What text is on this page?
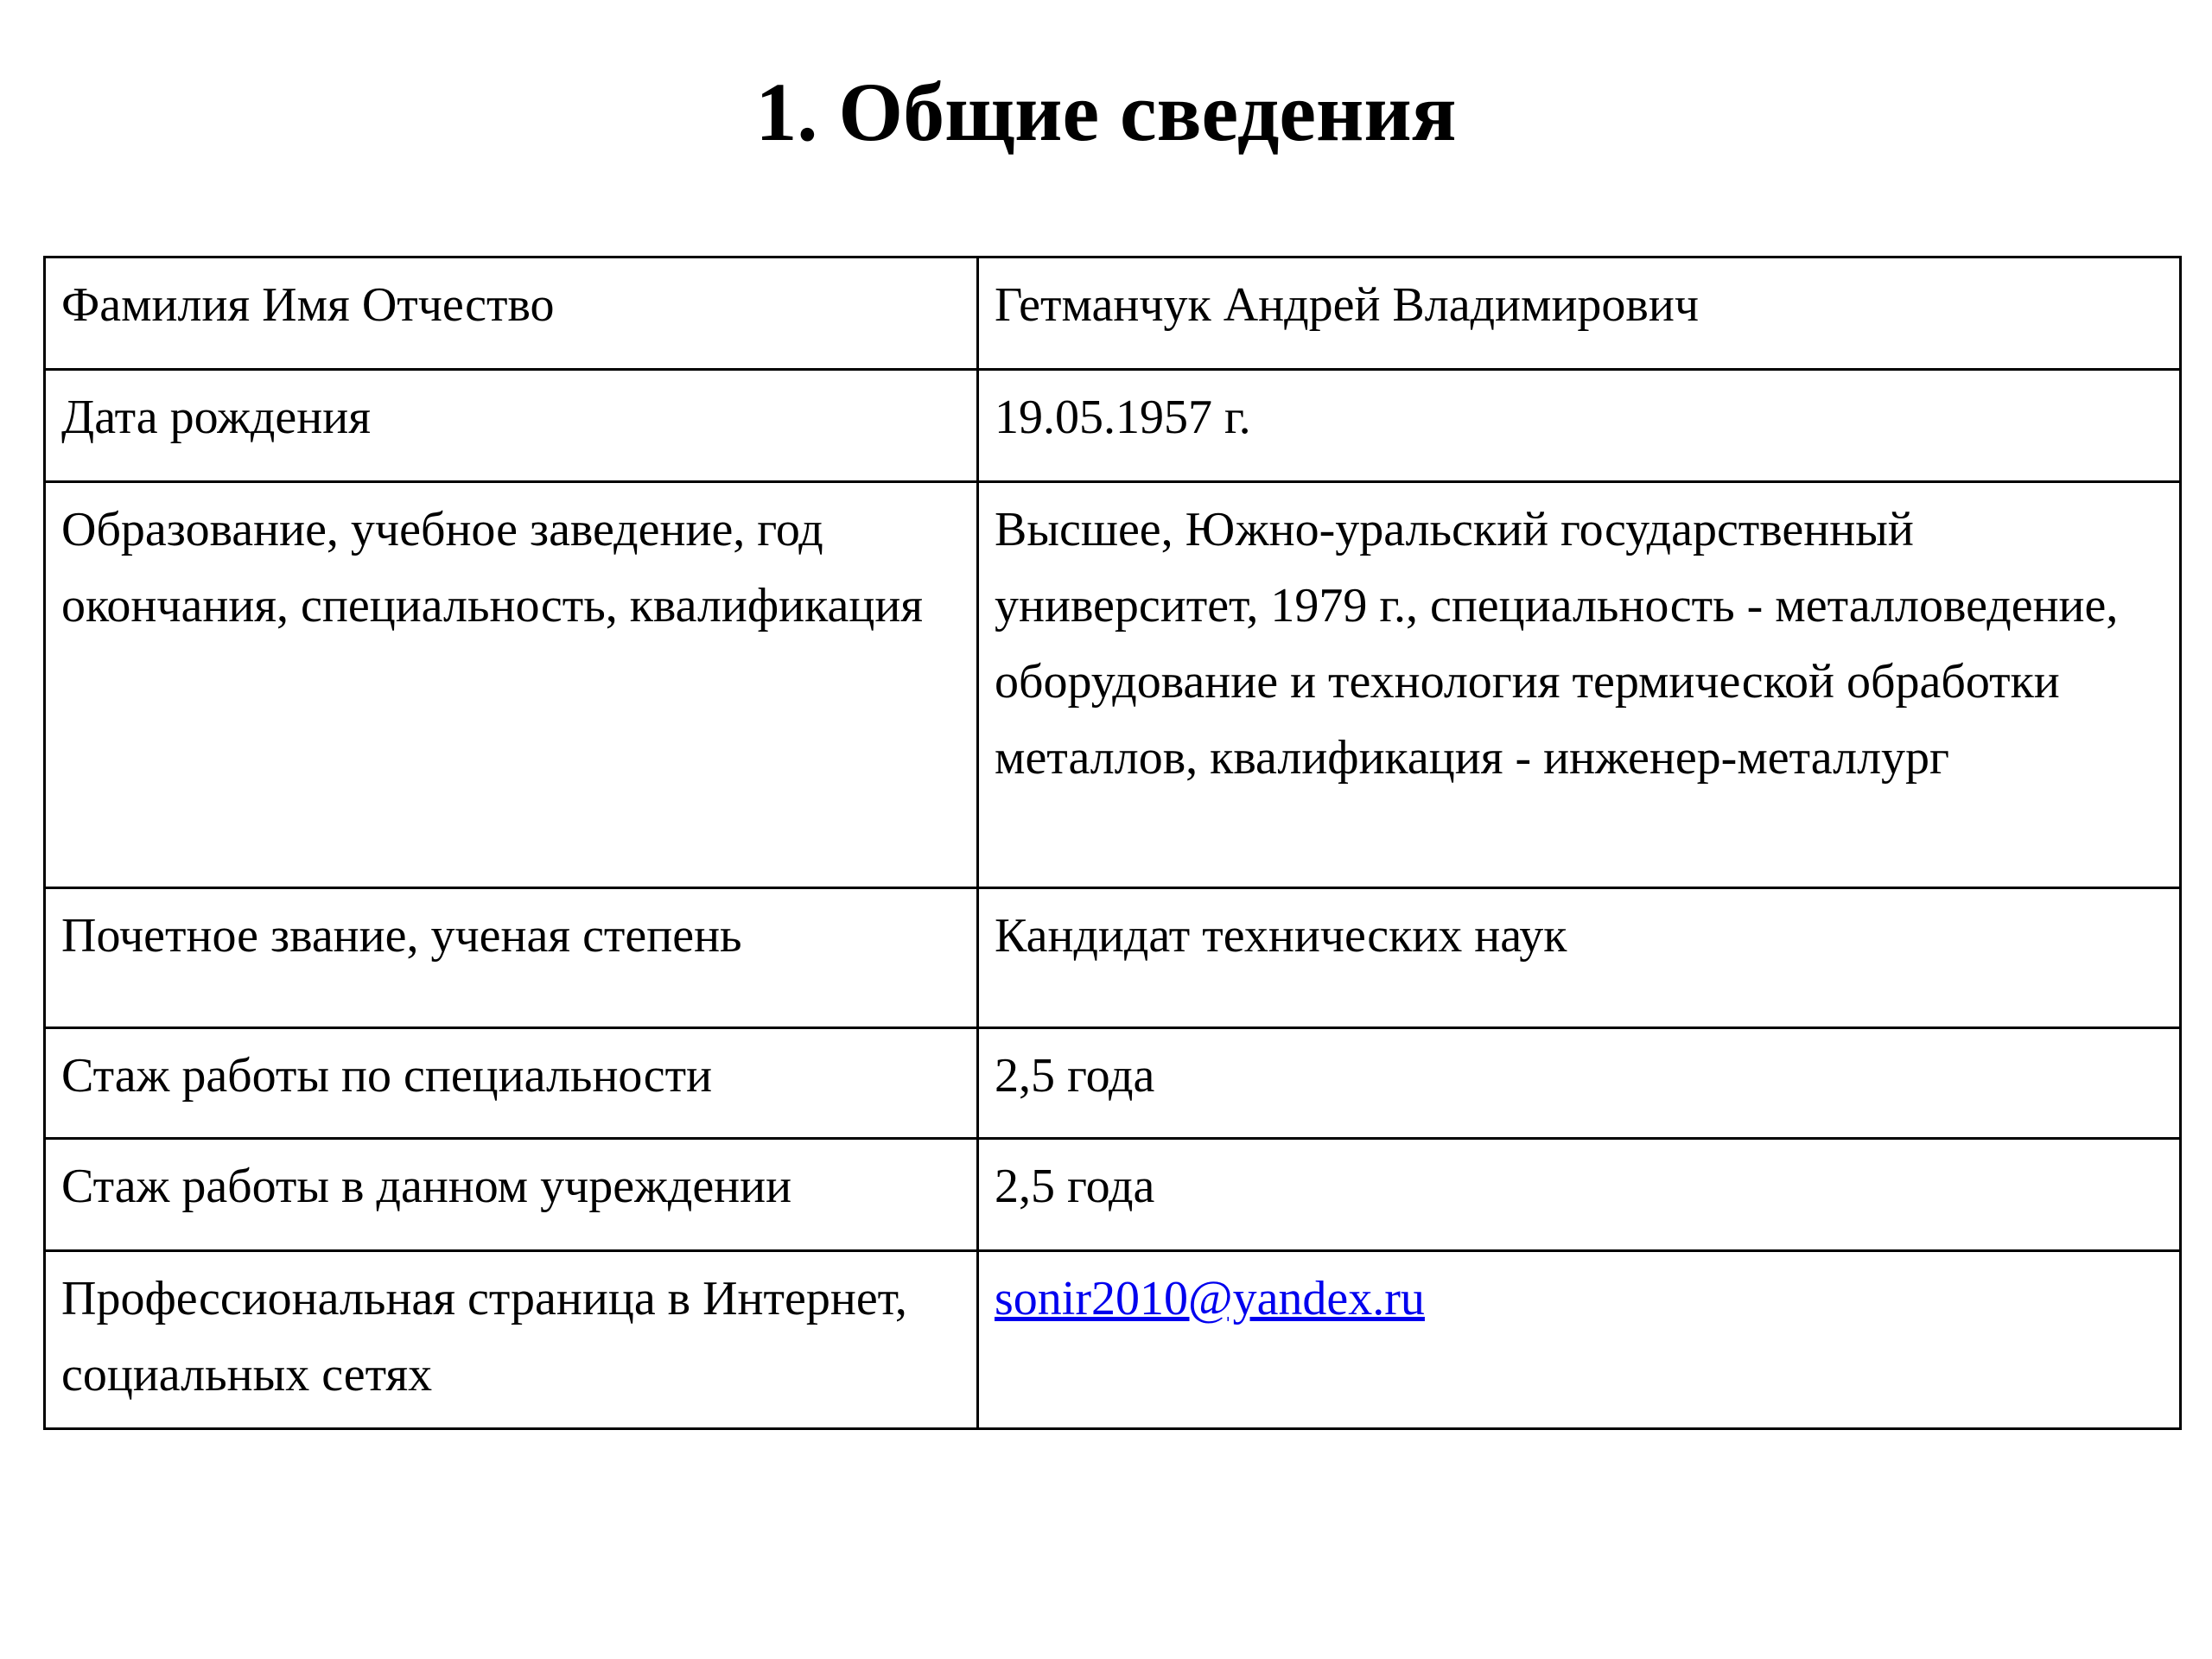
1. Общие сведения
Фамилия Имя Отчество	Гетманчук Андрей Владимирович
Дата рождения	19.05.1957 г.
Образование, учебное заведение, год окончания, специальность, квалификация	Высшее, Южно-уральский государственный университет, 1979 г., специальность - металловедение, оборудование и технология термической обработки металлов, квалификация - инженер-металлург
Почетное звание, ученая степень	Кандидат технических наук
Стаж работы по специальности	2,5 года
Стаж работы в данном учреждении	2,5 года
Профессиональная страница в Интернет, социальных сетях	sonir2010@yandex.ru
